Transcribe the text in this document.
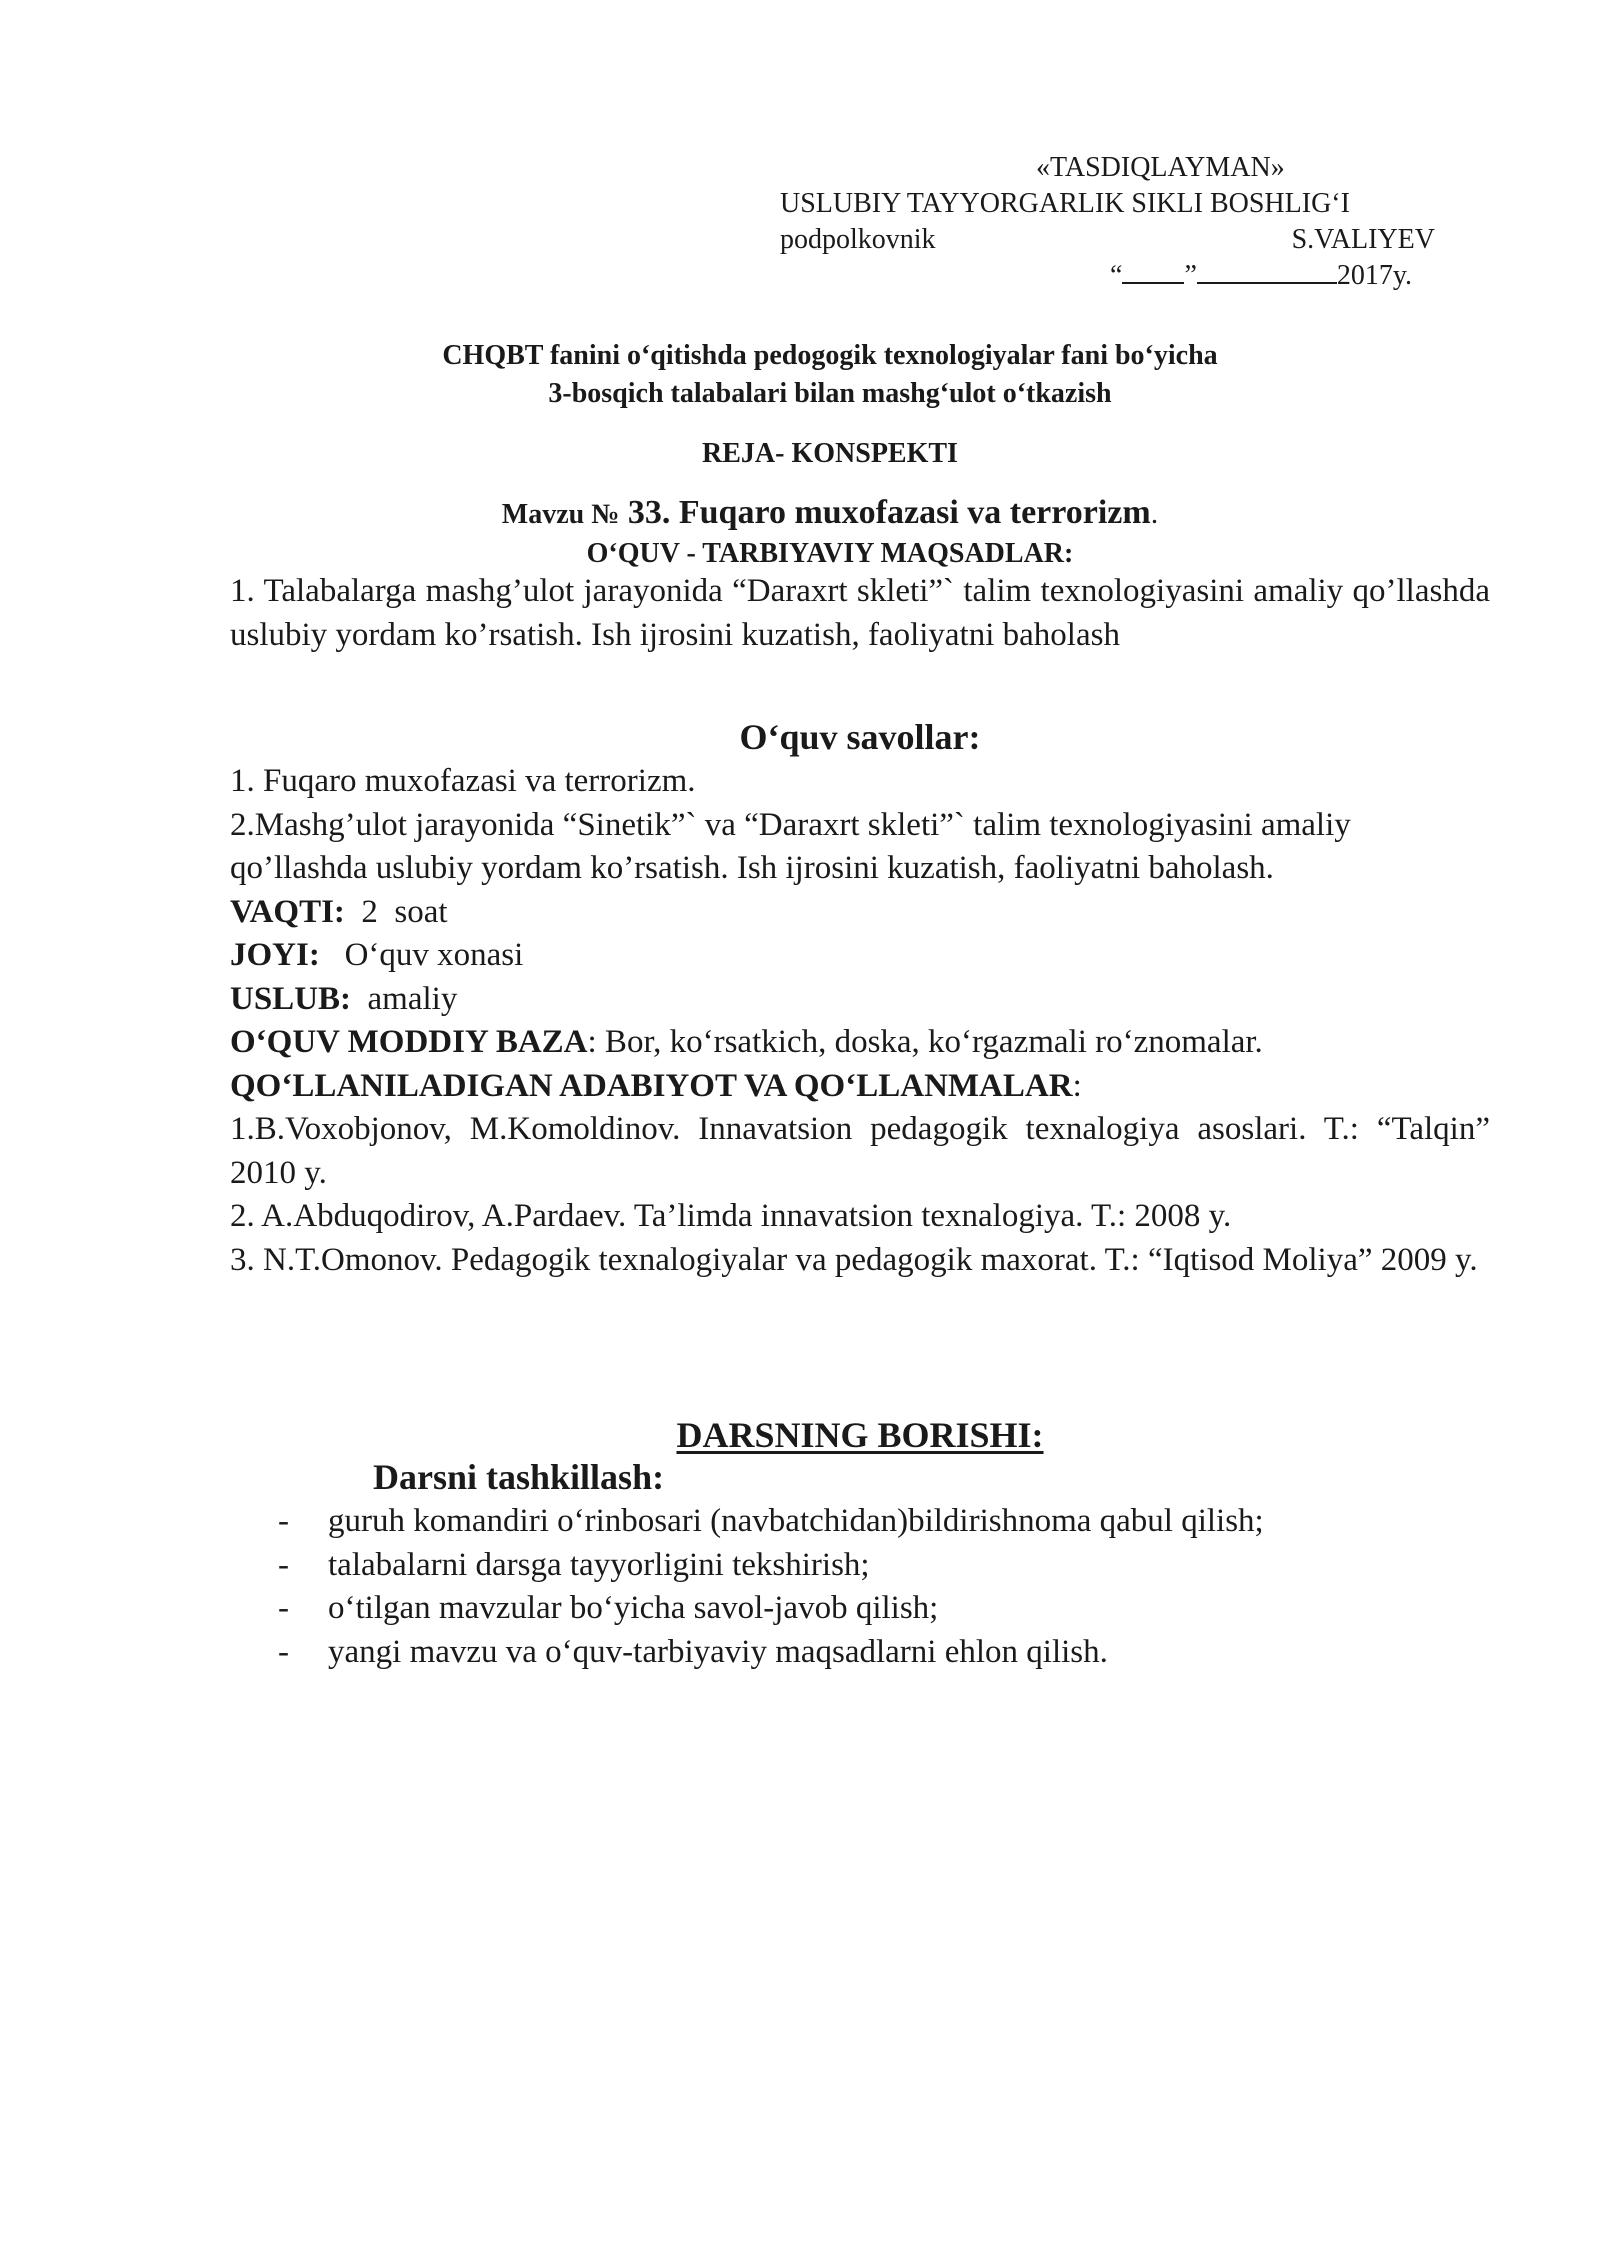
«TASDIQLAYMAN»
USLUBIY TAYYORGARLIK SIKLI BOSHLIG‘I
podpolkovnik	S.VALIYEV
“ ”	2017y.
CHQBT fanini o‘qitishda pedogogik texnologiyalar fani bo‘yicha
3-bosqich talabalari bilan mashg‘ulot o‘tkazish
REJA- KONSPEKTI
Mavzu № 33. Fuqaro muxofazasi va terrorizm.
O‘QUV - TARBIYAVIY MAQSADLAR:
1. Talabalarga mashg’ulot jarayonida “Daraxrt skleti”` talim texnologiyasini amaliy qo’llashda uslubiy yordam ko’rsatish. Ish ijrosini kuzatish, faoliyatni baholash
O‘quv savollar:
1. Fuqaro muxofazasi va terrorizm.
2.Mashg’ulot jarayonida “Sinetik”` va “Daraxrt skleti”` talim texnologiyasini amaliy qo’llashda uslubiy yordam ko’rsatish. Ish ijrosini kuzatish, faoliyatni baholash.
VAQTI:  2  soat
JOYI:   O‘quv xonasi
USLUB:  amaliy
O‘QUV MODDIY BAZA: Bor, ko‘rsatkich, doska, ko‘rgazmali ro‘znomalar.
QO‘LLANILADIGAN ADABIYOT VA QO‘LLANMALAR:
1.B.Voxobjonov, M.Komoldinov. Innavatsion pedagogik texnalogiya asoslari. T.: “Talqin” 2010 y.
2. A.Abduqodirov, A.Pardaev. Ta’limda innavatsion texnalogiya. T.: 2008 y.
3. N.T.Omonov. Pedagogik texnalogiyalar va pedagogik maxorat. T.: “Iqtisod Moliya” 2009 y.
DARSNING BORISHI:
Darsni tashkillash:
-	guruh komandiri o‘rinbosari (navbatchidan)bildirishnoma qabul qilish;
-	talabalarni darsga tayyorligini tekshirish;
-	o‘tilgan mavzular bo‘yicha savol-javob qilish;
-	yangi mavzu va o‘quv-tarbiyaviy maqsadlarni ehlon qilish.
